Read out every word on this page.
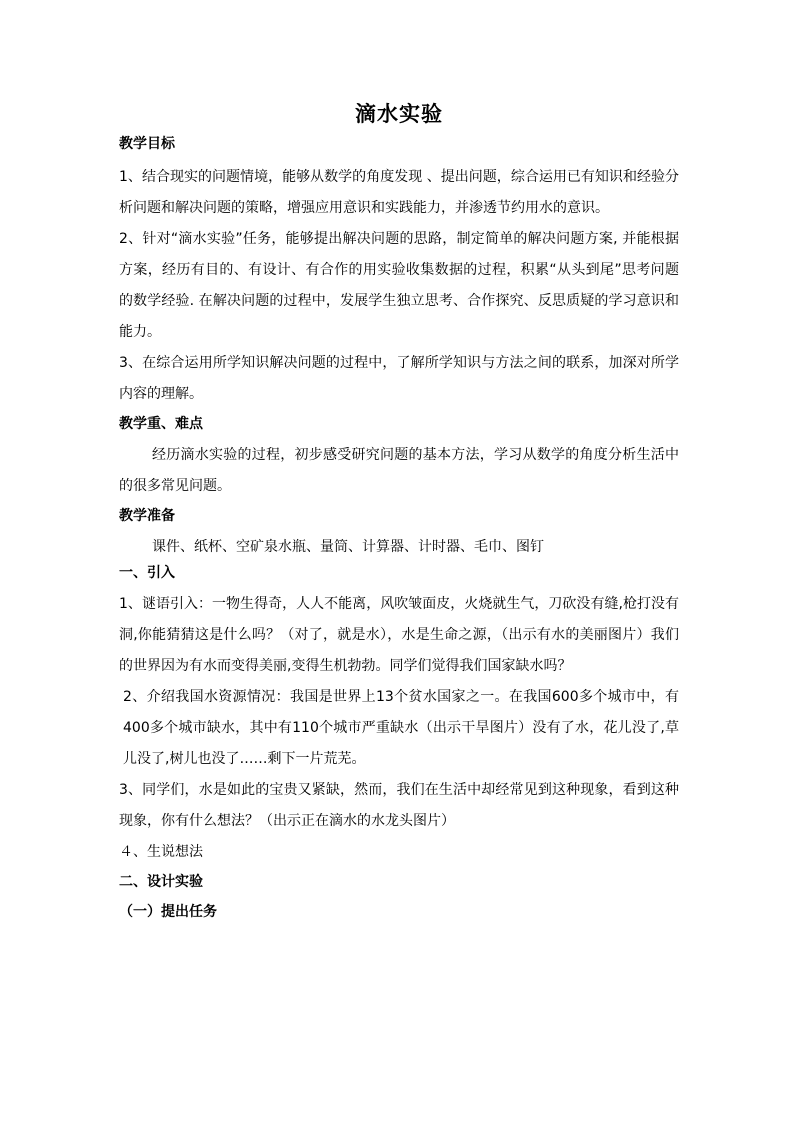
滴水实验
教学目标

1、结合现实的问题情境，能够从数学的角度发现 、提出问题，综合运用已有知识和经验分析问题和解决问题的策略，增强应用意识和实践能力，并渗透节约用水的意识。

2、针对“滴水实验”任务，能够提出解决问题的思路，制定简单的解决问题方案, 并能根据方案，经历有目的、有设计、有合作的用实验收集数据的过程，积累“从头到尾”思考问题的数学经验. 在解决问题的过程中，发展学生独立思考、合作探究、反思质疑的学习意识和能力。

3、在综合运用所学知识解决问题的过程中，了解所学知识与方法之间的联系，加深对所学内容的理解。

教学重、难点

经历滴水实验的过程，初步感受研究问题的基本方法，学习从数学的角度分析生活中的很多常见问题。

教学准备

课件、纸杯、空矿泉水瓶、量筒、计算器、计时器、毛巾、图钉

一、引入

1、谜语引入：一物生得奇，人人不能离，风吹皱面皮，火烧就生气，刀砍没有缝,枪打没有洞,你能猜猜这是什么吗？（对了，就是水），水是生命之源，（出示有水的美丽图片）我们的世界因为有水而变得美丽,变得生机勃勃。同学们觉得我们国家缺水吗？

2、介绍我国水资源情况：我国是世界上13个贫水国家之一。在我国600多个城市中，有400多个城市缺水，其中有110个城市严重缺水（出示干旱图片）没有了水，花儿没了,草儿没了,树儿也没了……剩下一片荒芜。

3、同学们，水是如此的宝贵又紧缺，然而，我们在生活中却经常见到这种现象，看到这种现象，你有什么想法？（出示正在滴水的水龙头图片）

４、生说想法

二、设计实验
（一）提出任务
